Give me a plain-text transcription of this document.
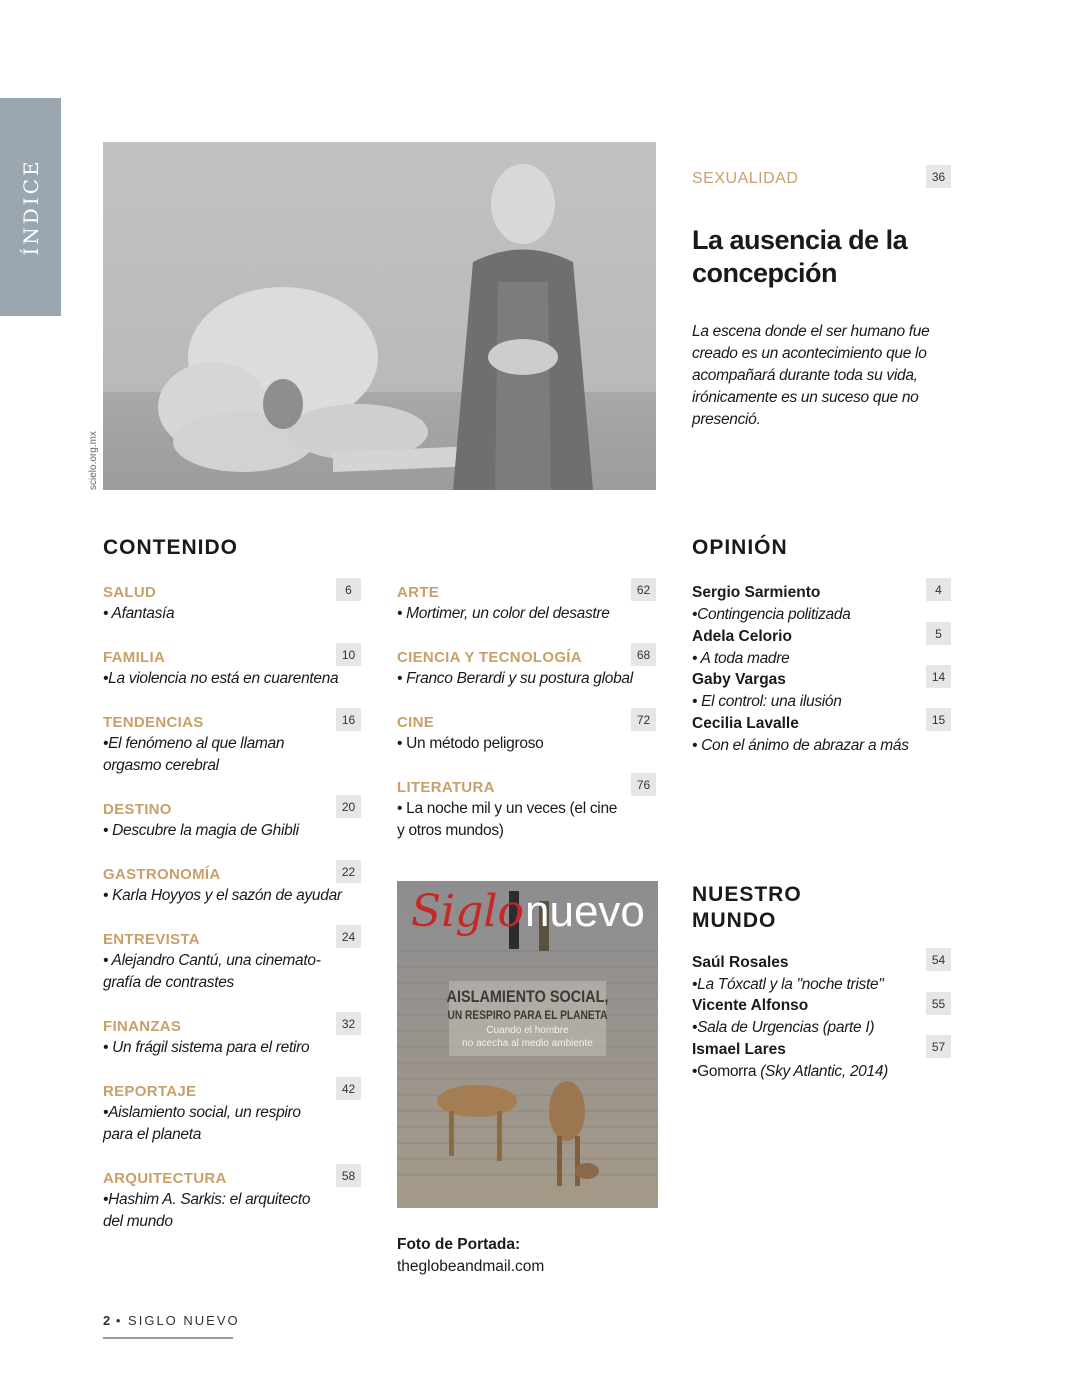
ÍNDICE
scielo.org.mx
SEXUALIDAD	36
La ausencia de la concepción
La escena donde el ser humano fue creado es un acontecimiento que lo acompañará durante toda su vida, irónicamente es un suceso que no presenció.
CONTENIDO
SALUD
• Afantasía
6
FAMILIA
•La violencia no está en cuarentena
10
TENDENCIAS
•El fenómeno al que llaman orgasmo cerebral
16
DESTINO
• Descubre la magia de Ghibli
20
GASTRONOMÍA
• Karla Hoyyos y el sazón de ayudar
22
ENTREVISTA
• Alejandro Cantú, una cinemato-grafía de contrastes
24
FINANZAS
• Un frágil sistema para el retiro
32
REPORTAJE
•Aislamiento social, un respiro para el planeta
42
ARQUITECTURA
•Hashim A. Sarkis: el arquitecto del mundo
58
ARTE
• Mortimer, un color del desastre
62
CIENCIA Y TECNOLOGÍA
• Franco Berardi y su postura global
68
CINE
• Un método peligroso
72
LITERATURA
• La noche mil y un veces (el cine y otros mundos)
76
Siglo nuevo
AISLAMIENTO SOCIAL,
UN RESPIRO PARA EL PLANETA
Cuando el hombre
no acecha al medio ambiente
Foto de Portada:
theglobeandmail.com
OPINIÓN
Sergio Sarmiento
•Contingencia politizada
4
Adela Celorio
• A toda madre
5
Gaby Vargas
• El control: una ilusión
14
Cecilia Lavalle
• Con el ánimo de abrazar a más
15
NUESTRO
MUNDO
Saúl Rosales
•La Tóxcatl y la "noche triste"
54
Vicente Alfonso
•Sala de Urgencias (parte I)
55
Ismael Lares
•Gomorra (Sky Atlantic, 2014)
57
2 • SIGLO NUEVO
